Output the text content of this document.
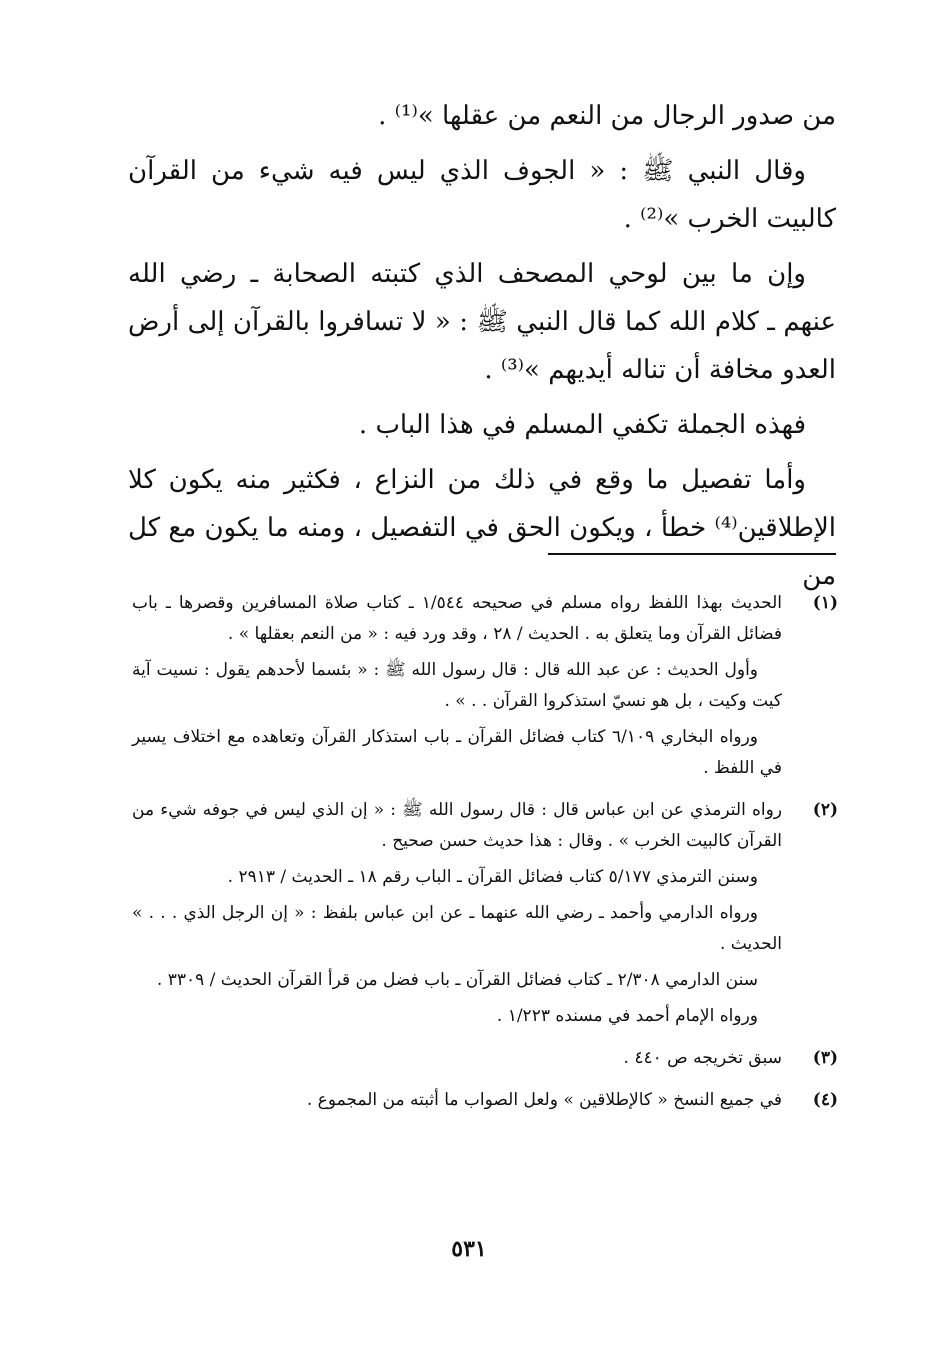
من صدور الرجال من النعم من عقلها »⁽¹⁾ .

وقال النبي ﷺ : « الجوف الذي ليس فيه شيء من القرآن كالبيت الخرب »⁽²⁾ .

وإن ما بين لوحي المصحف الذي كتبته الصحابة ـ رضي الله عنهم ـ كلام الله كما قال النبي ﷺ : « لا تسافروا بالقرآن إلى أرض العدو مخافة أن تناله أيديهم »⁽³⁾ .

فهذه الجملة تكفي المسلم في هذا الباب .

وأما تفصيل ما وقع في ذلك من النزاع ، فكثير منه يكون كلا الإطلاقين⁽⁴⁾ خطأ ، ويكون الحق في التفصيل ، ومنه ما يكون مع كل من

(١)

الحديث بهذا اللفظ رواه مسلم في صحيحه ١/٥٤٤ ـ كتاب صلاة المسافرين وقصرها ـ باب فضائل القرآن وما يتعلق به . الحديث / ٢٨ ، وقد ورد فيه : « من النعم بعقلها » .

وأول الحديث : عن عبد الله قال : قال رسول الله ﷺ : « بئسما لأحدهم يقول : نسيت آية كيت وكيت ، بل هو نسيّ استذكروا القرآن . . » .

ورواه البخاري ٦/١٠٩ كتاب فضائل القرآن ـ باب استذكار القرآن وتعاهده مع اختلاف يسير في اللفظ .

(٢)

رواه الترمذي عن ابن عباس قال : قال رسول الله ﷺ : « إن الذي ليس في جوفه شيء من القرآن كالبيت الخرب » . وقال : هذا حديث حسن صحيح .

وسنن الترمذي ٥/١٧٧ كتاب فضائل القرآن ـ الباب رقم ١٨ ـ الحديث / ٢٩١٣ .

ورواه الدارمي وأحمد ـ رضي الله عنهما ـ عن ابن عباس بلفظ : « إن الرجل الذي . . . » الحديث .

سنن الدارمي ٢/٣٠٨ ـ كتاب فضائل القرآن ـ باب فضل من قرأ القرآن الحديث / ٣٣٠٩ .

ورواه الإمام أحمد في مسنده ١/٢٢٣ .

(٣)

سبق تخريجه ص ٤٤٠ .

(٤)

في جميع النسخ « كالإطلاقين » ولعل الصواب ما أثبته من المجموع .

٥٣١
